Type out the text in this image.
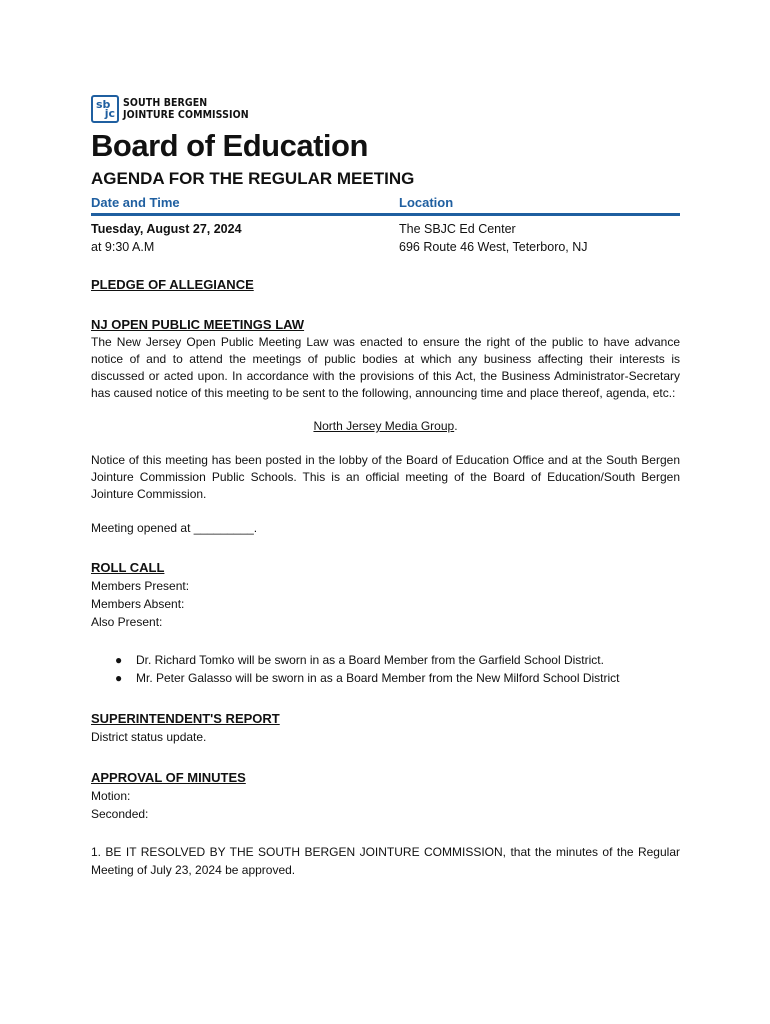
sb
jc
SOUTH BERGEN
JOINTURE COMMISSION
Board of Education
AGENDA FOR THE REGULAR MEETING
Date and Time	Location
Tuesday, August 27, 2024
at 9:30 A.M
The SBJC Ed Center
696 Route 46 West, Teterboro, NJ
PLEDGE OF ALLEGIANCE
NJ OPEN PUBLIC MEETINGS LAW

The New Jersey Open Public Meeting Law was enacted to ensure the right of the public to have advance notice of and to attend the meetings of public bodies at which any business affecting their interests is discussed or acted upon. In accordance with the provisions of this Act, the Business Administrator-Secretary has caused notice of this meeting to be sent to the following, announcing time and place thereof, agenda, etc.:

North Jersey Media Group.

Notice of this meeting has been posted in the lobby of the Board of Education Office and at the South Bergen Jointure Commission Public Schools. This is an official meeting of the Board of Education/South Bergen Jointure Commission.

Meeting opened at _________.

ROLL CALL

Members Present:

Members Absent:

Also Present:

● Dr. Richard Tomko will be sworn in as a Board Member from the Garfield School District.
● Mr. Peter Galasso will be sworn in as a Board Member from the New Milford School District
SUPERINTENDENT'S REPORT

District status update.

APPROVAL OF MINUTES

Motion:

Seconded:

1. BE IT RESOLVED BY THE SOUTH BERGEN JOINTURE COMMISSION, that the minutes of the Regular Meeting of July 23, 2024 be approved.
